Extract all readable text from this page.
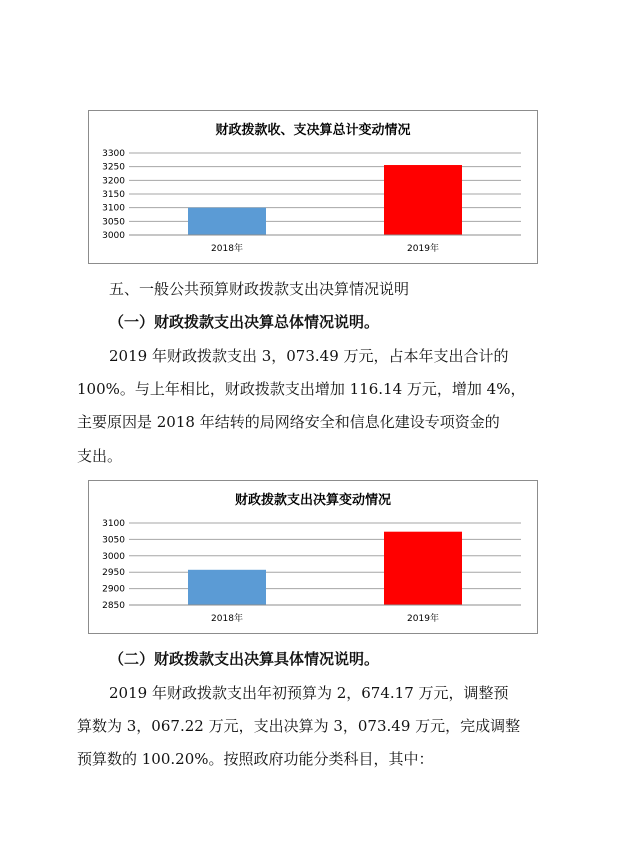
财政拨款收、支决算总计变动情况
3000
3050
3100
3150
3200
3250
3300
2018年	2019年
五、一般公共预算财政拨款支出决算情况说明
（一）财政拨款支出决算总体情况说明。
2019 年财政拨款支出 3，073.49 万元，占本年支出合计的
100%。与上年相比，财政拨款支出增加 116.14 万元，增加 4%，
主要原因是 2018 年结转的局网络安全和信息化建设专项资金的
支出。
财政拨款支出决算变动情况
2850
2900
2950
3000
3050
3100
2018年	2019年
（二）财政拨款支出决算具体情况说明。
2019 年财政拨款支出年初预算为 2，674.17 万元，调整预
算数为 3，067.22 万元，支出决算为 3，073.49 万元，完成调整
预算数的 100.20%。按照政府功能分类科目，其中：
